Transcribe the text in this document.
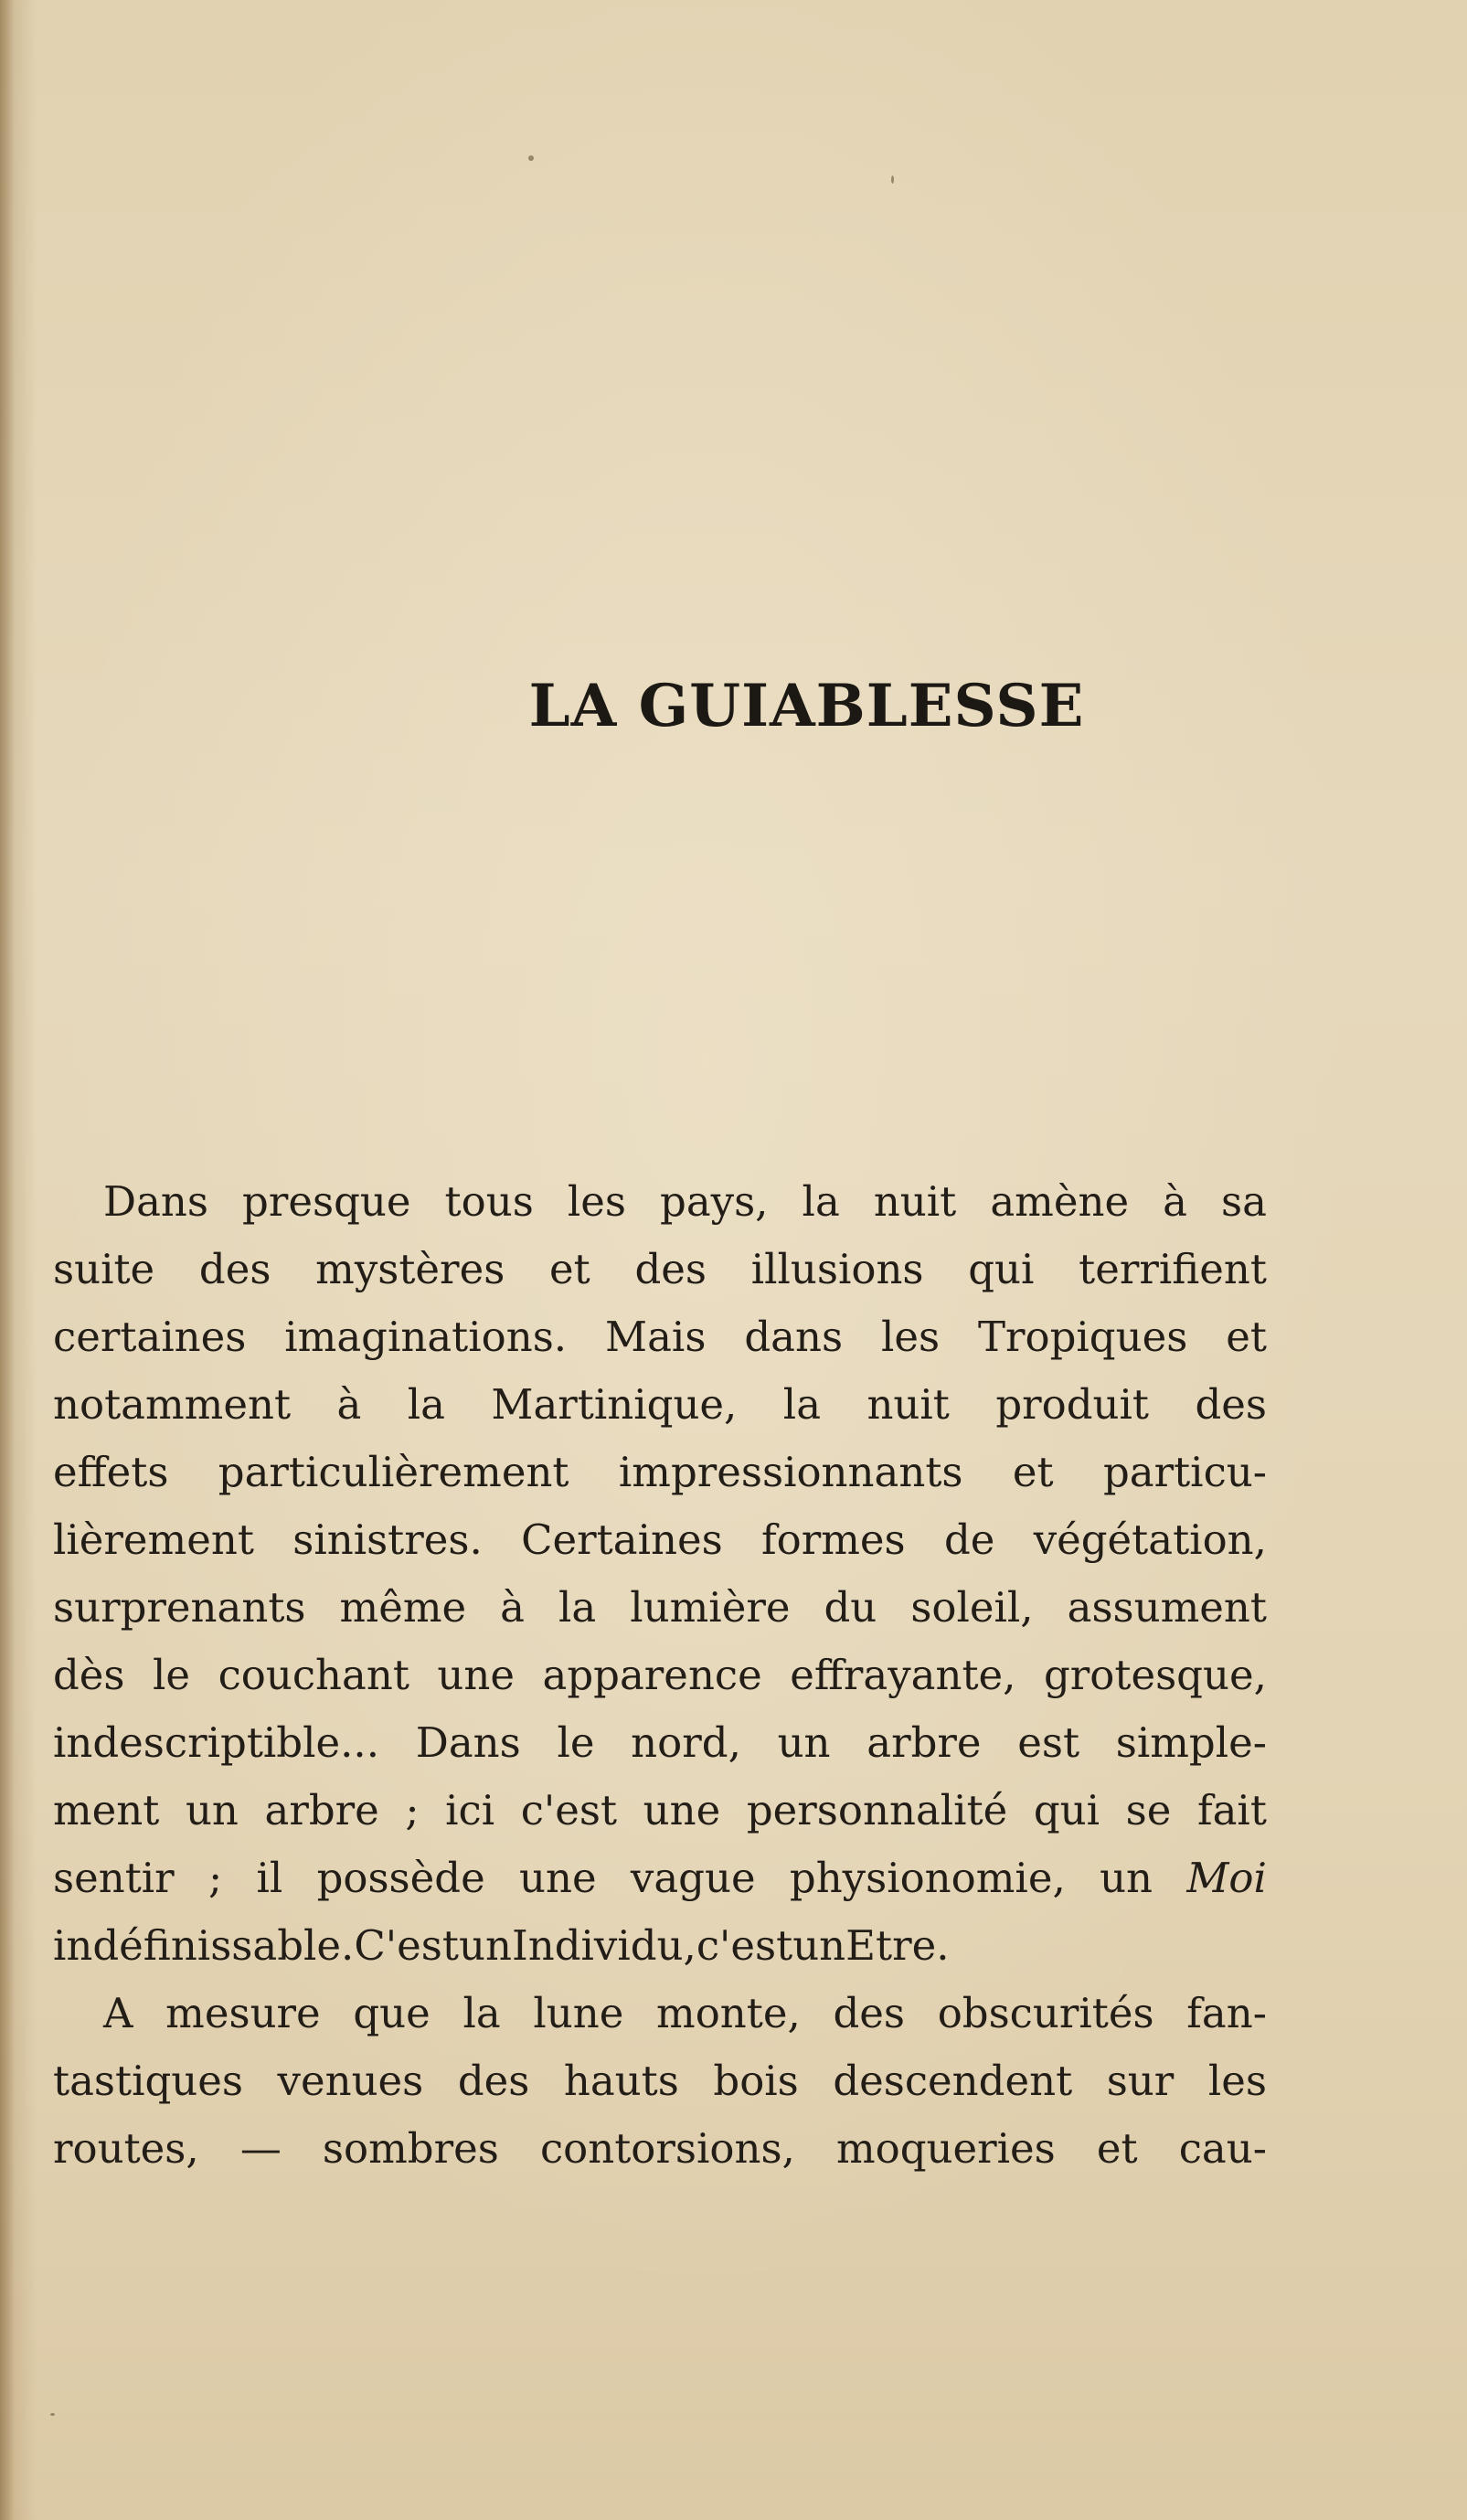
LA GUIABLESSE
Dans presque tous les pays, la nuit amène à sa
suite des mystères et des illusions qui terrifient
certaines imaginations. Mais dans les Tropiques et
notamment à la Martinique, la nuit produit des
effets particulièrement impressionnants et particu-
lièrement sinistres. Certaines formes de végétation,
surprenants même à la lumière du soleil, assument
dès le couchant une apparence effrayante, grotesque,
indescriptible... Dans le nord, un arbre est simple-
ment un arbre ; ici c'est une personnalité qui se fait
sentir ; il possède une vague physionomie, un Moi
indéfinissable. C'est un Individu, c'est un Etre.
A mesure que la lune monte, des obscurités fan-
tastiques venues des hauts bois descendent sur les
routes, — sombres contorsions, moqueries et cau-
